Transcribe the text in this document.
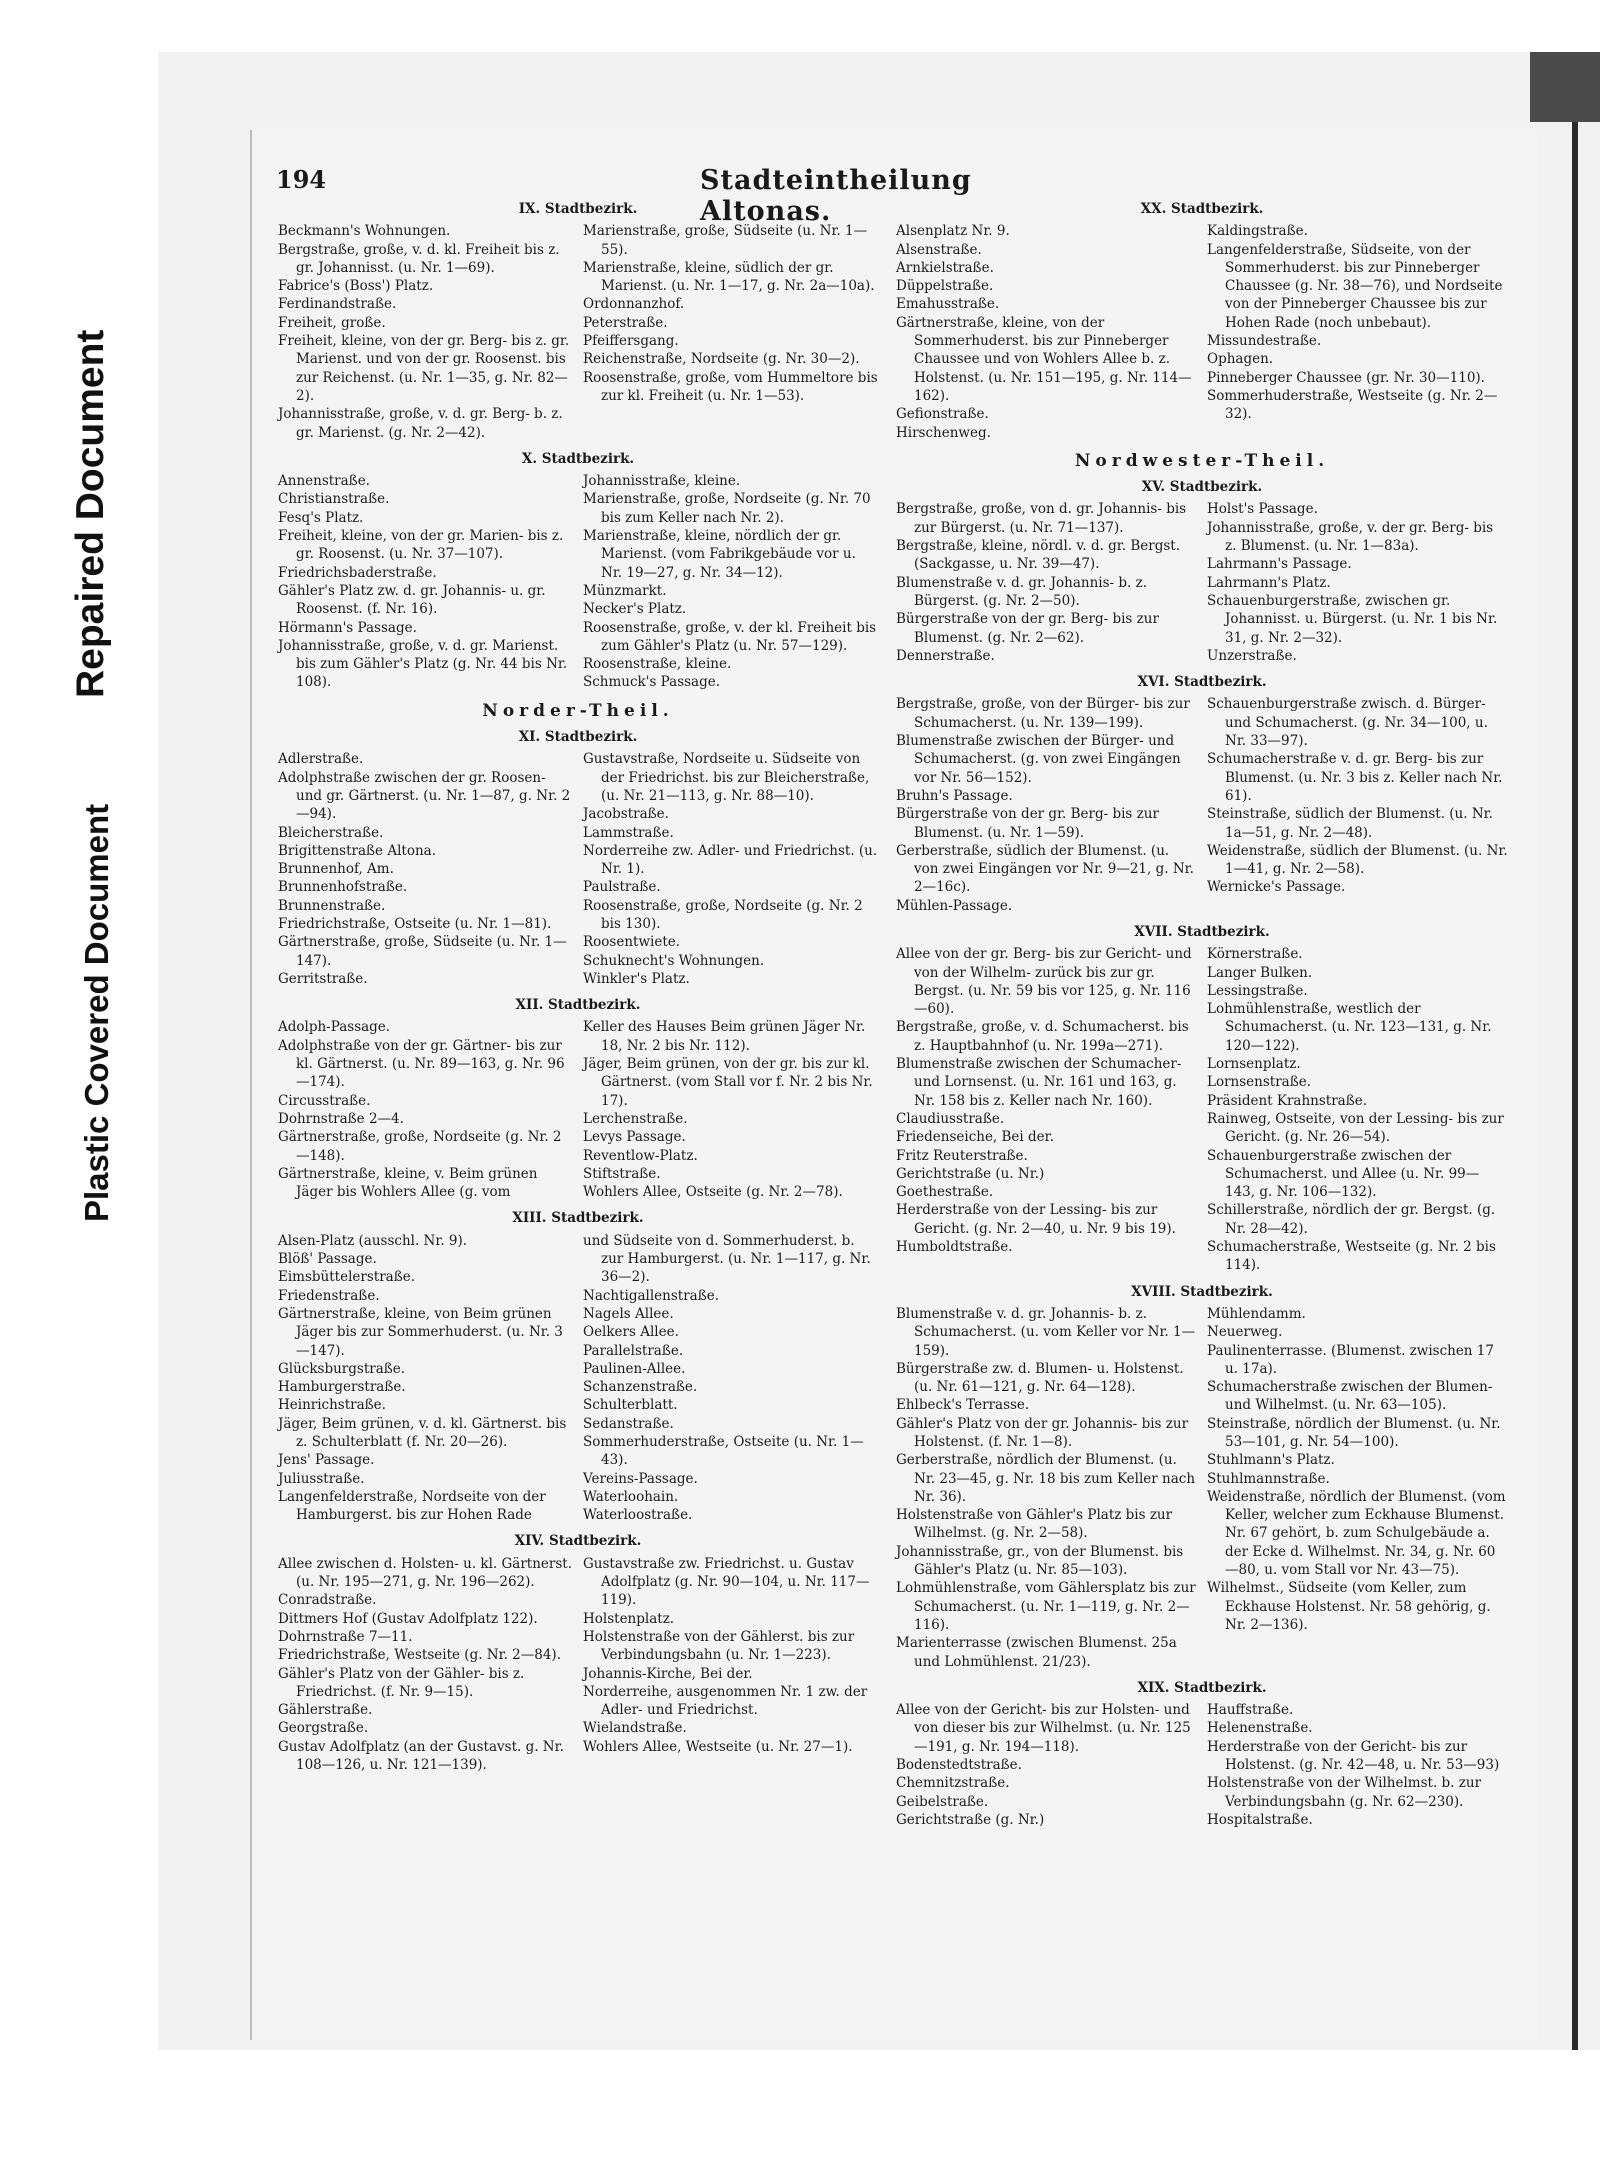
Plastic Covered Document
Repaired Document
194	Stadteintheilung Altonas.
IX. Stadtbezirk.
Beckmann's Wohnungen.
Bergstraße, große, v. d. kl. Freiheit bis z. gr. Johannisst. (u. Nr. 1—69).
Fabrice's (Boss') Platz.
Ferdinandstraße.
Freiheit, große.
Freiheit, kleine, von der gr. Berg- bis z. gr. Marienst. und von der gr. Roosenst. bis zur Reichenst. (u. Nr. 1—35, g. Nr. 82—2).
Johannisstraße, große, v. d. gr. Berg- b. z. gr. Marienst. (g. Nr. 2—42).
Marienstraße, große, Südseite (u. Nr. 1—55).
Marienstraße, kleine, südlich der gr. Marienst. (u. Nr. 1—17, g. Nr. 2a—10a).
Ordonnanzhof.
Peterstraße.
Pfeiffersgang.
Reichenstraße, Nordseite (g. Nr. 30—2).
Roosenstraße, große, vom Hummeltore bis zur kl. Freiheit (u. Nr. 1—53).
X. Stadtbezirk.
Annenstraße.
Christianstraße.
Fesq's Platz.
Freiheit, kleine, von der gr. Marien- bis z. gr. Roosenst. (u. Nr. 37—107).
Friedrichsbaderstraße.
Gähler's Platz zw. d. gr. Johannis- u. gr. Roosenst. (f. Nr. 16).
Hörmann's Passage.
Johannisstraße, große, v. d. gr. Marienst. bis zum Gähler's Platz (g. Nr. 44 bis Nr. 108).
Johannisstraße, kleine.
Marienstraße, große, Nordseite (g. Nr. 70 bis zum Keller nach Nr. 2).
Marienstraße, kleine, nördlich der gr. Marienst. (vom Fabrikgebäude vor u. Nr. 19—27, g. Nr. 34—12).
Münzmarkt.
Necker's Platz.
Roosenstraße, große, v. der kl. Freiheit bis zum Gähler's Platz (u. Nr. 57—129).
Roosenstraße, kleine.
Schmuck's Passage.
Norder-Theil.
XI. Stadtbezirk.
Adlerstraße.
Adolphstraße zwischen der gr. Roosen- und gr. Gärtnerst. (u. Nr. 1—87, g. Nr. 2—94).
Bleicherstraße.
Brigittenstraße Altona.
Brunnenhof, Am.
Brunnenhofstraße.
Brunnenstraße.
Friedrichstraße, Ostseite (u. Nr. 1—81).
Gärtnerstraße, große, Südseite (u. Nr. 1—147).
Gerritstraße.
Gustavstraße, Nordseite u. Südseite von der Friedrichst. bis zur Bleicherstraße, (u. Nr. 21—113, g. Nr. 88—10).
Jacobstraße.
Lammstraße.
Norderreihe zw. Adler- und Friedrichst. (u. Nr. 1).
Paulstraße.
Roosenstraße, große, Nordseite (g. Nr. 2 bis 130).
Roosentwiete.
Schuknecht's Wohnungen.
Winkler's Platz.
XII. Stadtbezirk.
Adolph-Passage.
Adolphstraße von der gr. Gärtner- bis zur kl. Gärtnerst. (u. Nr. 89—163, g. Nr. 96—174).
Circusstraße.
Dohrnstraße 2—4.
Gärtnerstraße, große, Nordseite (g. Nr. 2—148).
Gärtnerstraße, kleine, v. Beim grünen Jäger bis Wohlers Allee (g. vom
Keller des Hauses Beim grünen Jäger Nr. 18, Nr. 2 bis Nr. 112).
Jäger, Beim grünen, von der gr. bis zur kl. Gärtnerst. (vom Stall vor f. Nr. 2 bis Nr. 17).
Lerchenstraße.
Levys Passage.
Reventlow-Platz.
Stiftstraße.
Wohlers Allee, Ostseite (g. Nr. 2—78).
XIII. Stadtbezirk.
Alsen-Platz (ausschl. Nr. 9).
Blöß' Passage.
Eimsbüttelerstraße.
Friedenstraße.
Gärtnerstraße, kleine, von Beim grünen Jäger bis zur Sommerhuderst. (u. Nr. 3—147).
Glücksburgstraße.
Hamburgerstraße.
Heinrichstraße.
Jäger, Beim grünen, v. d. kl. Gärtnerst. bis z. Schulterblatt (f. Nr. 20—26).
Jens' Passage.
Juliusstraße.
Langenfelderstraße, Nordseite von der Hamburgerst. bis zur Hohen Rade
und Südseite von d. Sommerhuderst. b. zur Hamburgerst. (u. Nr. 1—117, g. Nr. 36—2).
Nachtigallenstraße.
Nagels Allee.
Oelkers Allee.
Parallelstraße.
Paulinen-Allee.
Schanzenstraße.
Schulterblatt.
Sedanstraße.
Sommerhuderstraße, Ostseite (u. Nr. 1—43).
Vereins-Passage.
Waterloohain.
Waterloostraße.
XIV. Stadtbezirk.
Allee zwischen d. Holsten- u. kl. Gärtnerst. (u. Nr. 195—271, g. Nr. 196—262).
Conradstraße.
Dittmers Hof (Gustav Adolfplatz 122).
Dohrnstraße 7—11.
Friedrichstraße, Westseite (g. Nr. 2—84).
Gähler's Platz von der Gähler- bis z. Friedrichst. (f. Nr. 9—15).
Gählerstraße.
Georgstraße.
Gustav Adolfplatz (an der Gustavst. g. Nr. 108—126, u. Nr. 121—139).
Gustavstraße zw. Friedrichst. u. Gustav Adolfplatz (g. Nr. 90—104, u. Nr. 117—119).
Holstenplatz.
Holstenstraße von der Gählerst. bis zur Verbindungsbahn (u. Nr. 1—223).
Johannis-Kirche, Bei der.
Norderreihe, ausgenommen Nr. 1 zw. der Adler- und Friedrichst.
Wielandstraße.
Wohlers Allee, Westseite (u. Nr. 27—1).
XX. Stadtbezirk.
Alsenplatz Nr. 9.
Alsenstraße.
Arnkielstraße.
Düppelstraße.
Emahusstraße.
Gärtnerstraße, kleine, von der Sommerhuderst. bis zur Pinneberger Chaussee und von Wohlers Allee b. z. Holstenst. (u. Nr. 151—195, g. Nr. 114—162).
Gefionstraße.
Hirschenweg.
Kaldingstraße.
Langenfelderstraße, Südseite, von der Sommerhuderst. bis zur Pinneberger Chaussee (g. Nr. 38—76), und Nordseite von der Pinneberger Chaussee bis zur Hohen Rade (noch unbebaut).
Missundestraße.
Ophagen.
Pinneberger Chaussee (gr. Nr. 30—110).
Sommerhuderstraße, Westseite (g. Nr. 2—32).
Nordwester-Theil.
XV. Stadtbezirk.
Bergstraße, große, von d. gr. Johannis- bis zur Bürgerst. (u. Nr. 71—137).
Bergstraße, kleine, nördl. v. d. gr. Bergst. (Sackgasse, u. Nr. 39—47).
Blumenstraße v. d. gr. Johannis- b. z. Bürgerst. (g. Nr. 2—50).
Bürgerstraße von der gr. Berg- bis zur Blumenst. (g. Nr. 2—62).
Dennerstraße.
Holst's Passage.
Johannisstraße, große, v. der gr. Berg- bis z. Blumenst. (u. Nr. 1—83a).
Lahrmann's Passage.
Lahrmann's Platz.
Schauenburgerstraße, zwischen gr. Johannisst. u. Bürgerst. (u. Nr. 1 bis Nr. 31, g. Nr. 2—32).
Unzerstraße.
XVI. Stadtbezirk.
Bergstraße, große, von der Bürger- bis zur Schumacherst. (u. Nr. 139—199).
Blumenstraße zwischen der Bürger- und Schumacherst. (g. von zwei Eingängen vor Nr. 56—152).
Bruhn's Passage.
Bürgerstraße von der gr. Berg- bis zur Blumenst. (u. Nr. 1—59).
Gerberstraße, südlich der Blumenst. (u. von zwei Eingängen vor Nr. 9—21, g. Nr. 2—16c).
Mühlen-Passage.
Schauenburgerstraße zwisch. d. Bürger- und Schumacherst. (g. Nr. 34—100, u. Nr. 33—97).
Schumacherstraße v. d. gr. Berg- bis zur Blumenst. (u. Nr. 3 bis z. Keller nach Nr. 61).
Steinstraße, südlich der Blumenst. (u. Nr. 1a—51, g. Nr. 2—48).
Weidenstraße, südlich der Blumenst. (u. Nr. 1—41, g. Nr. 2—58).
Wernicke's Passage.
XVII. Stadtbezirk.
Allee von der gr. Berg- bis zur Gericht- und von der Wilhelm- zurück bis zur gr. Bergst. (u. Nr. 59 bis vor 125, g. Nr. 116—60).
Bergstraße, große, v. d. Schumacherst. bis z. Hauptbahnhof (u. Nr. 199a—271).
Blumenstraße zwischen der Schumacher- und Lornsenst. (u. Nr. 161 und 163, g. Nr. 158 bis z. Keller nach Nr. 160).
Claudiusstraße.
Friedenseiche, Bei der.
Fritz Reuterstraße.
Gerichtstraße (u. Nr.)
Goethestraße.
Herderstraße von der Lessing- bis zur Gericht. (g. Nr. 2—40, u. Nr. 9 bis 19).
Humboldtstraße.
Körnerstraße.
Langer Bulken.
Lessingstraße.
Lohmühlenstraße, westlich der Schumacherst. (u. Nr. 123—131, g. Nr. 120—122).
Lornsenplatz.
Lornsenstraße.
Präsident Krahnstraße.
Rainweg, Ostseite, von der Lessing- bis zur Gericht. (g. Nr. 26—54).
Schauenburgerstraße zwischen der Schumacherst. und Allee (u. Nr. 99—143, g. Nr. 106—132).
Schillerstraße, nördlich der gr. Bergst. (g. Nr. 28—42).
Schumacherstraße, Westseite (g. Nr. 2 bis 114).
XVIII. Stadtbezirk.
Blumenstraße v. d. gr. Johannis- b. z. Schumacherst. (u. vom Keller vor Nr. 1—159).
Bürgerstraße zw. d. Blumen- u. Holstenst. (u. Nr. 61—121, g. Nr. 64—128).
Ehlbeck's Terrasse.
Gähler's Platz von der gr. Johannis- bis zur Holstenst. (f. Nr. 1—8).
Gerberstraße, nördlich der Blumenst. (u. Nr. 23—45, g. Nr. 18 bis zum Keller nach Nr. 36).
Holstenstraße von Gähler's Platz bis zur Wilhelmst. (g. Nr. 2—58).
Johannisstraße, gr., von der Blumenst. bis Gähler's Platz (u. Nr. 85—103).
Lohmühlenstraße, vom Gählersplatz bis zur Schumacherst. (u. Nr. 1—119, g. Nr. 2—116).
Marienterrasse (zwischen Blumenst. 25a und Lohmühlenst. 21/23).
Mühlendamm.
Neuerweg.
Paulinenterrasse. (Blumenst. zwischen 17 u. 17a).
Schumacherstraße zwischen der Blumen- und Wilhelmst. (u. Nr. 63—105).
Steinstraße, nördlich der Blumenst. (u. Nr. 53—101, g. Nr. 54—100).
Stuhlmann's Platz.
Stuhlmannstraße.
Weidenstraße, nördlich der Blumenst. (vom Keller, welcher zum Eckhause Blumenst. Nr. 67 gehört, b. zum Schulgebäude a. der Ecke d. Wilhelmst. Nr. 34, g. Nr. 60—80, u. vom Stall vor Nr. 43—75).
Wilhelmst., Südseite (vom Keller, zum Eckhause Holstenst. Nr. 58 gehörig, g. Nr. 2—136).
XIX. Stadtbezirk.
Allee von der Gericht- bis zur Holsten- und von dieser bis zur Wilhelmst. (u. Nr. 125—191, g. Nr. 194—118).
Bodenstedtstraße.
Chemnitzstraße.
Geibelstraße.
Gerichtstraße (g. Nr.)
Hauffstraße.
Helenenstraße.
Herderstraße von der Gericht- bis zur Holstenst. (g. Nr. 42—48, u. Nr. 53—93)
Holstenstraße von der Wilhelmst. b. zur Verbindungsbahn (g. Nr. 62—230).
Hospitalstraße.
